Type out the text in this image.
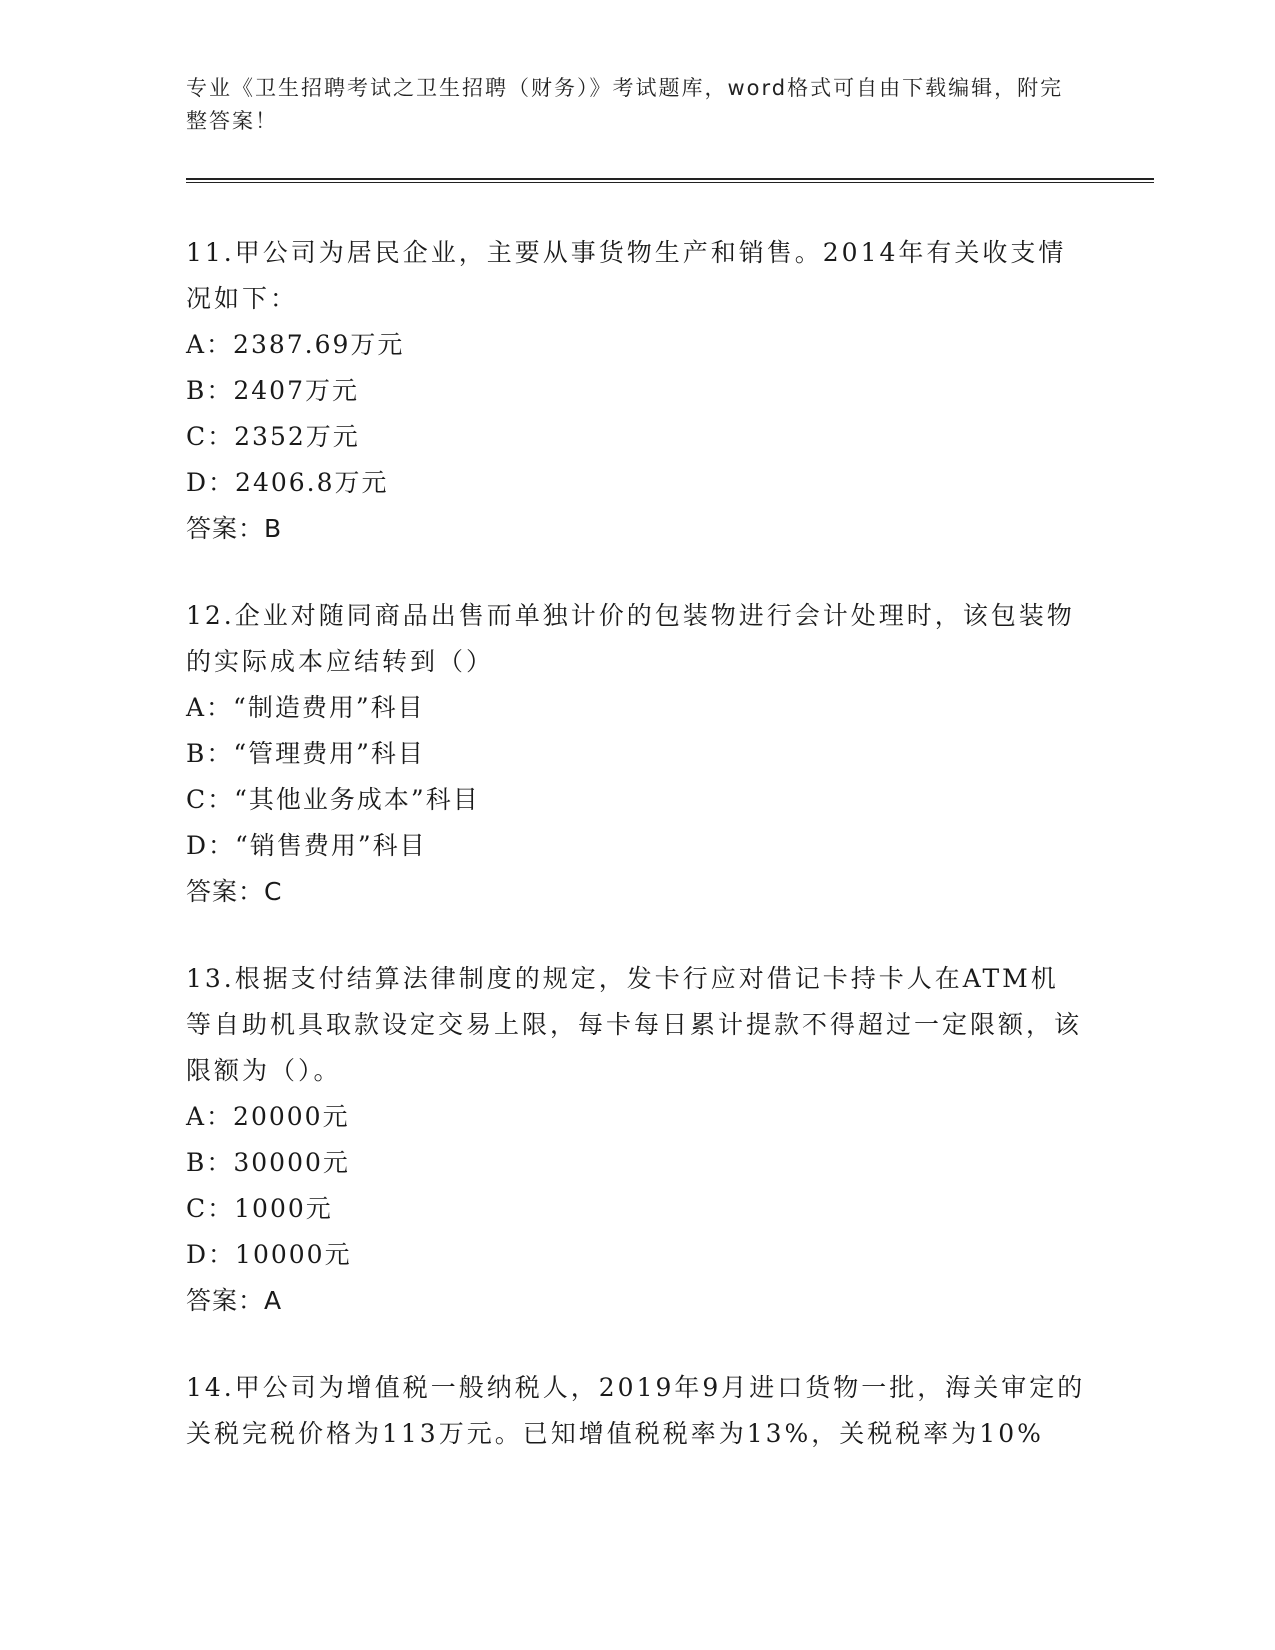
专业《卫生招聘考试之卫生招聘（财务）》考试题库，word格式可自由下载编辑，附完整答案！
11.甲公司为居民企业，主要从事货物生产和销售。2014年有关收支情况如下：
A：2387.69万元
B：2407万元
C：2352万元
D：2406.8万元
答案：B
12.企业对随同商品出售而单独计价的包装物进行会计处理时，该包装物的实际成本应结转到（）
A：“制造费用”科目
B：“管理费用”科目
C：“其他业务成本”科目
D：“销售费用”科目
答案：C
13.根据支付结算法律制度的规定，发卡行应对借记卡持卡人在ATM机等自助机具取款设定交易上限，每卡每日累计提款不得超过一定限额，该限额为（）。
A：20000元
B：30000元
C：1000元
D：10000元
答案：A
14.甲公司为增值税一般纳税人，2019年9月进口货物一批，海关审定的关税完税价格为113万元。已知增值税税率为13%，关税税率为10%
